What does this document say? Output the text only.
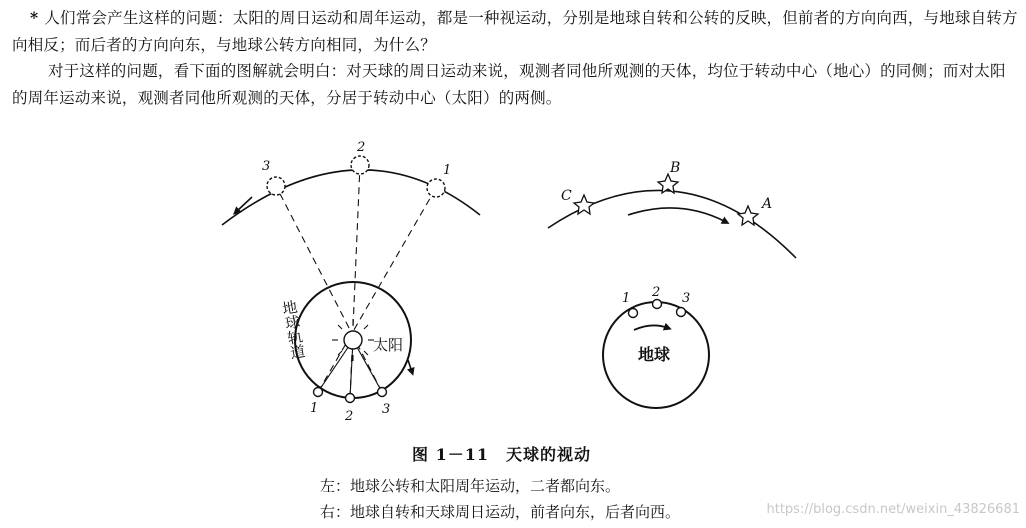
* 人们常会产生这样的问题：太阳的周日运动和周年运动，都是一种视运动，分别是地球自转和公转的反映，但前者的方向向西，与地球自转方向相反；而后者的方向向东，与地球公转方向相同，为什么？

对于这样的问题，看下面的图解就会明白：对天球的周日运动来说，观测者同他所观测的天体，均位于转动中心（地心）的同侧；而对太阳的周年运动来说，观测者同他所观测的天体，分居于转动中心（太阳）的两侧。

太阳
地球轨道
1
2 3
3
2
1
C
B
A
地球
1 2 3

图 1－11　天球的视动

左：地球公转和太阳周年运动，二者都向东。

右：地球自转和天球周日运动，前者向东，后者向西。	https://blog.csdn.net/weixin_43826681
